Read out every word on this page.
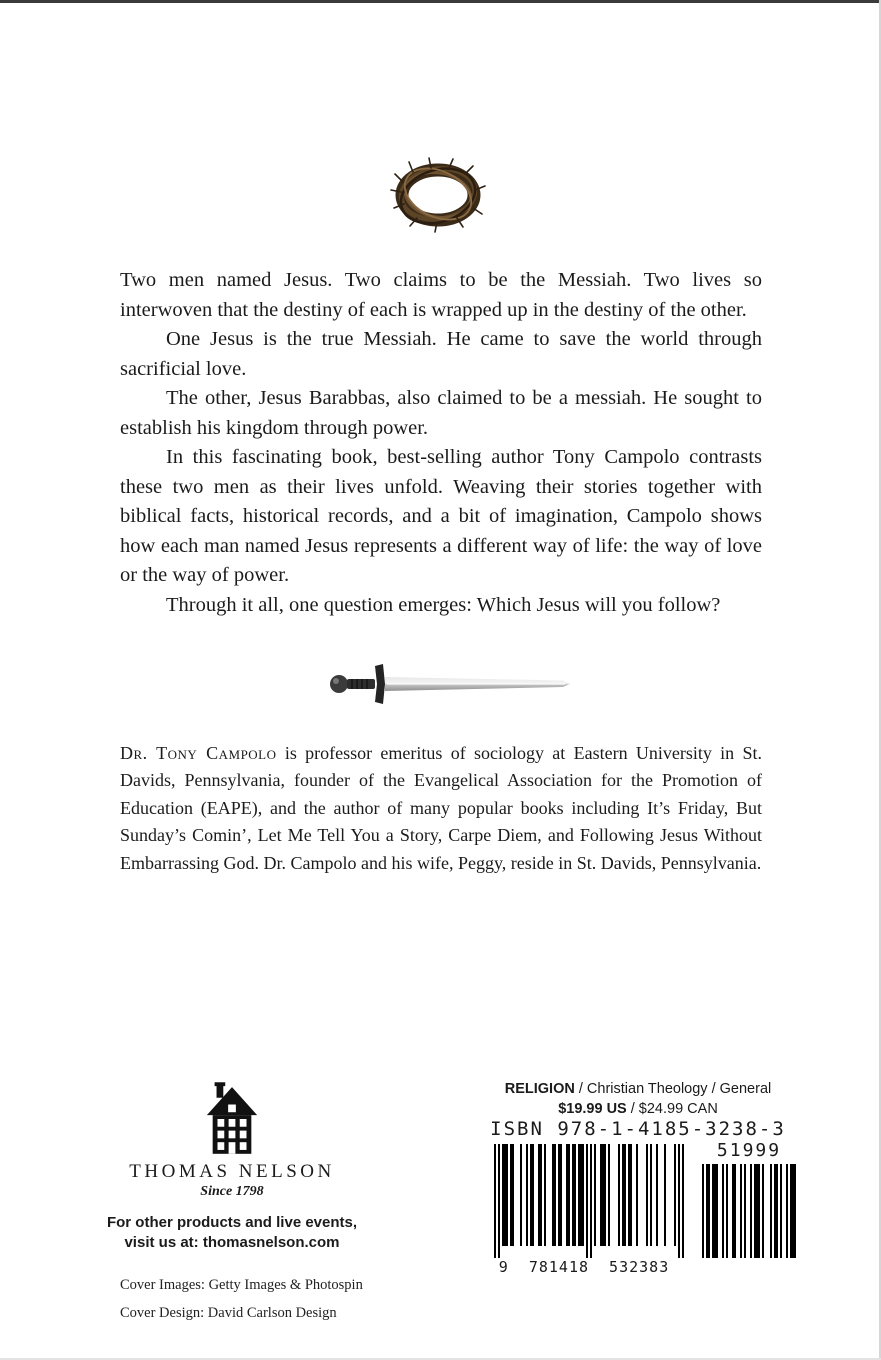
Two men named Jesus. Two claims to be the Messiah. Two lives so interwoven that the destiny of each is wrapped up in the destiny of the other.

One Jesus is the true Messiah. He came to save the world through sacrificial love.

The other, Jesus Barabbas, also claimed to be a messiah. He sought to establish his kingdom through power.

In this fascinating book, best-selling author Tony Campolo contrasts these two men as their lives unfold. Weaving their stories together with biblical facts, historical records, and a bit of imagination, Campolo shows how each man named Jesus represents a different way of life: the way of love or the way of power.

Through it all, one question emerges: Which Jesus will you follow?

Dr. Tony Campolo is professor emeritus of sociology at Eastern University in St. Davids, Pennsylvania, founder of the Evangelical Association for the Promotion of Education (EAPE), and the author of many popular books including It’s Friday, But Sunday’s Comin’, Let Me Tell You a Story, Carpe Diem, and Following Jesus Without Embarrassing God. Dr. Campolo and his wife, Peggy, reside in St. Davids, Pennsylvania.

THOMAS NELSON
Since 1798
For other products and live events,
visit us at: thomasnelson.com
Cover Images: Getty Images & Photospin
Cover Design: David Carlson Design
RELIGION / Christian Theology / General
$19.99 US / $24.99 CAN
ISBN 978-1-4185-3238-3
51999
9 781418 532383
